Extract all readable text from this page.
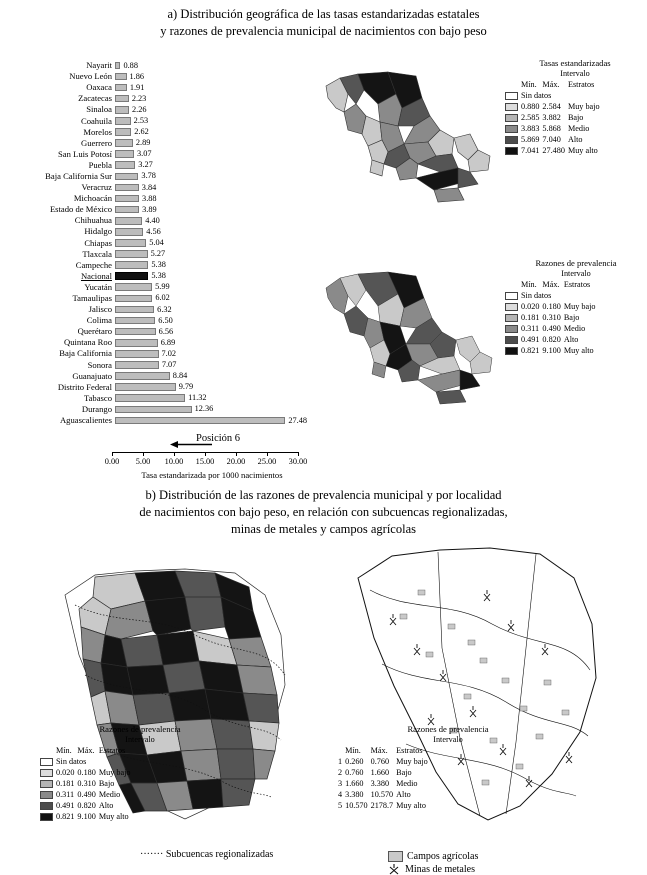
a) Distribución geográfica de las tasas estandarizadas estatales
y razones de prevalencia municipal de nacimientos con bajo peso
b) Distribución de las razones de prevalencia municipal y por localidad
de nacimientos con bajo peso, en relación con subcuencas regionalizadas,
minas de metales y campos agrícolas
Nayarit	0.88
Nuevo León	1.86
Oaxaca	1.91
Zacatecas	2.23
Sinaloa	2.26
Coahuila	2.53
Morelos	2.62
Guerrero	2.89
San Luis Potosí	3.07
Puebla	3.27
Baja California Sur	3.78
Veracruz	3.84
Michoacán	3.88
Estado de México	3.89
Chihuahua	4.40
Hidalgo	4.56
Chiapas	5.04
Tlaxcala	5.27
Campeche	5.38
Nacional	5.38
Yucatán	5.99
Tamaulipas	6.02
Jalisco	6.32
Colima	6.50
Querétaro	6.56
Quintana Roo	6.89
Baja California	7.02
Sonora	7.07
Guanajuato	8.84
Distrito Federal	9.79
Tabasco	11.32
Durango	12.36
Aguascalientes	27.48
0.00 5.00 10.00 15.00 20.00 25.00 30.00
Tasa estandarizada por 1000 nacimientos
Posición 6
Tasas estandarizadas
Intervalo
	Mín.	Máx.	Estratos
	Sin datos		
	0.880	2.584	Muy bajo
	2.585	3.882	Bajo
	3.883	5.868	Medio
	5.869	7.040	Alto
	7.041	27.480	Muy alto
Razones de prevalencia
Intervalo
	Mín.	Máx.	Estratos
	Sin datos		
	0.020	0.180	Muy bajo
	0.181	0.310	Bajo
	0.311	0.490	Medio
	0.491	0.820	Alto
	0.821	9.100	Muy alto
Razones de prevalencia
Intervalo
	Mín.	Máx.	Estratos
	Sin datos		
	0.020	0.180	Muy bajo
	0.181	0.310	Bajo
	0.311	0.490	Medio
	0.491	0.820	Alto
	0.821	9.100	Muy alto
······· Subcuencas regionalizadas
Razones de prevalencia
Intervalo
	Mín.	Máx.	Estratos
1	0.260	0.760	Muy bajo
2	0.760	1.660	Bajo
3	1.660	3.380	Medio
4	3.380	10.570	Alto
5	10.570	2178.7	Muy alto
Campos agrícolas
Minas de metales
